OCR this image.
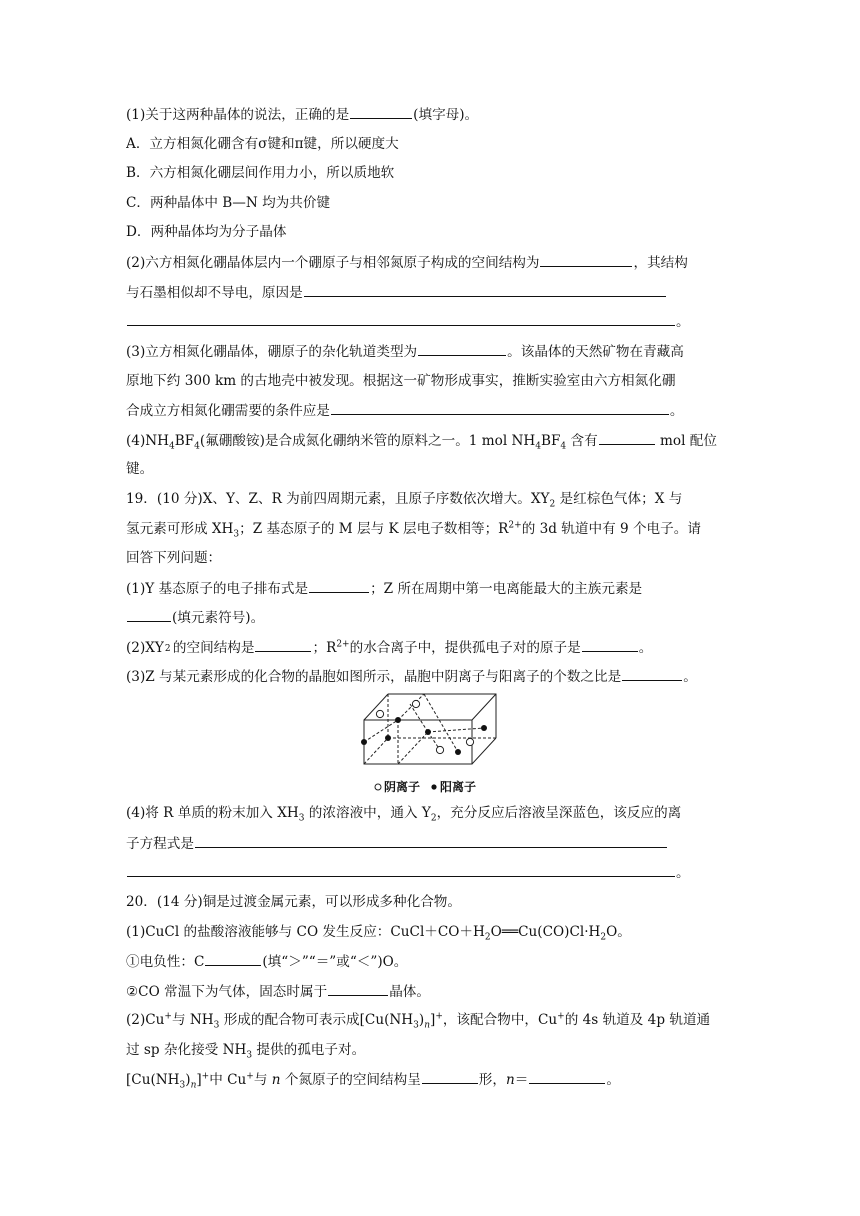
(1)关于这两种晶体的说法，正确的是	(填字母)。
A．立方相氮化硼含有σ键和π键，所以硬度大
B．六方相氮化硼层间作用力小，所以质地软
C．两种晶体中 B—N 均为共价键
D．两种晶体均为分子晶体
(2)六方相氮化硼晶体层内一个硼原子与相邻氮原子构成的空间结构为	，其结构
与石墨相似却不导电，原因是
。
(3)立方相氮化硼晶体，硼原子的杂化轨道类型为	。该晶体的天然矿物在青藏高
原地下约 300 km 的古地壳中被发现。根据这一矿物形成事实，推断实验室由六方相氮化硼
合成立方相氮化硼需要的条件应是	。
$(4)NH_4BF_4$(氟硼酸铵)是合成氮化硼纳米管的原料之一。1 mol $NH_4BF_4$ 含有	mol 配位
键。
19．(10 分)X、Y、Z、R 为前四周期元素，且原子序数依次增大。$XY_2$ 是红棕色气体；X 与
氢元素可形成 $XH_3$；Z 基态原子的 M 层与 K 层电子数相等；$R^{2+}$的 3d 轨道中有 9 个电子。请
回答下列问题：
(1)Y 基态原子的电子排布式是	；Z 所在周期中第一电离能最大的主族元素是
(填元素符号)。
(2)XY
－
2 的空间结构是	；$R^{2+}$的水合离子中，提供孤电子对的原子是	。
(3)Z 与某元素形成的化合物的晶胞如图所示，晶胞中阴离子与阳离子的个数之比是	。
阴离子 阳离子
(4)将 R 单质的粉末加入 $XH_3$ 的浓溶液中，通入 $Y_2$，充分反应后溶液呈深蓝色，该反应的离
子方程式是
。
20．(14 分)铜是过渡金属元素，可以形成多种化合物。
(1)CuCl 的盐酸溶液能够与 CO 发生反应：$CuCl+CO+H_2O══Cu(CO)Cl\cdot H_2O$。
①电负性：C	(填“＞”“＝”或“＜”)O。
②CO 常温下为气体，固态时属于	晶体。
(2)Cu+与 $NH_3$ 形成的配合物可表示成$[Cu(NH_3)_n]^+$，该配合物中，Cu+的 4s 轨道及 4p 轨道通
过 sp 杂化接受 $NH_3$ 提供的孤电子对。
$[Cu(NH_3)_n]^+$中 Cu+与 n 个氮原子的空间结构呈	形，n＝	。
